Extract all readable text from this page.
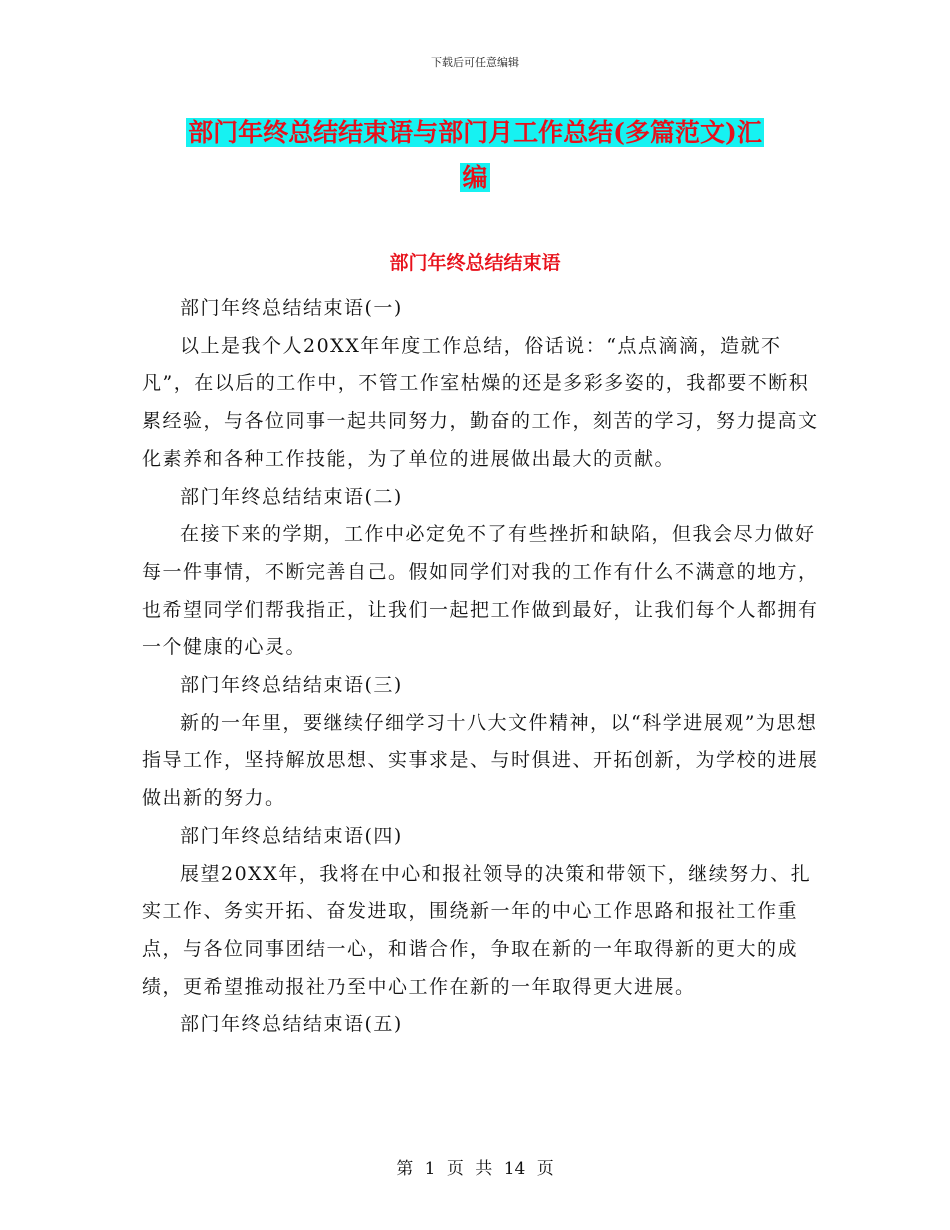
下载后可任意编辑
部门年终总结结束语与部门月工作总结(多篇范文)汇
编
部门年终总结结束语

部门年终总结结束语(一)

以上是我个人20XX年年度工作总结，俗话说：“点点滴滴，造就不凡”，在以后的工作中，不管工作室枯燥的还是多彩多姿的，我都要不断积累经验，与各位同事一起共同努力，勤奋的工作，刻苦的学习，努力提高文化素养和各种工作技能，为了单位的进展做出最大的贡献。

部门年终总结结束语(二)

在接下来的学期，工作中必定免不了有些挫折和缺陷，但我会尽力做好每一件事情，不断完善自己。假如同学们对我的工作有什么不满意的地方，也希望同学们帮我指正，让我们一起把工作做到最好，让我们每个人都拥有一个健康的心灵。

部门年终总结结束语(三)

新的一年里，要继续仔细学习十八大文件精神，以“科学进展观”为思想指导工作，坚持解放思想、实事求是、与时俱进、开拓创新，为学校的进展做出新的努力。

部门年终总结结束语(四)

展望20XX年，我将在中心和报社领导的决策和带领下，继续努力、扎实工作、务实开拓、奋发进取，围绕新一年的中心工作思路和报社工作重点，与各位同事团结一心，和谐合作，争取在新的一年取得新的更大的成绩，更希望推动报社乃至中心工作在新的一年取得更大进展。

部门年终总结结束语(五)

第 1 页 共 14 页
